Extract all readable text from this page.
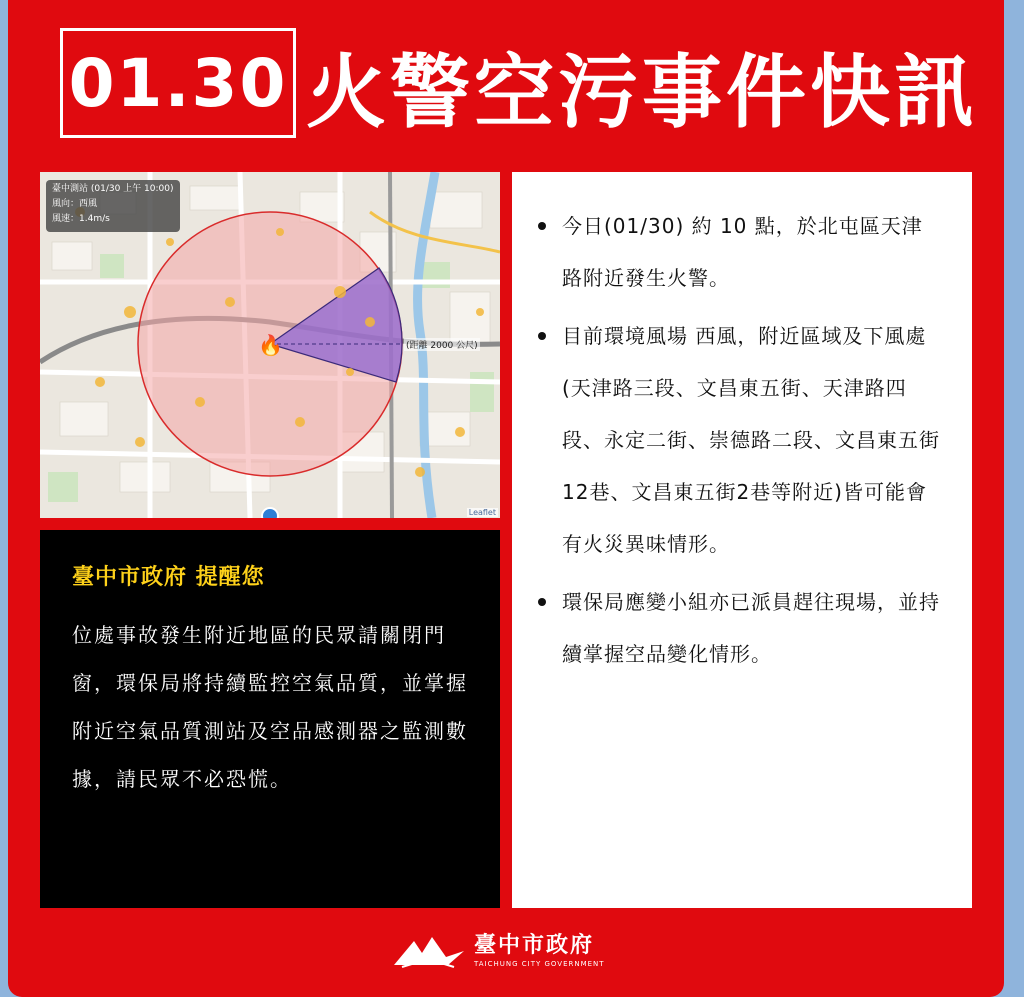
01.30 火警空污事件快訊
臺中測站 (01/30 上午 10:00)
風向：西風
風速：1.4m/s
🔥	(距離 2000 公尺)
Leaflet
臺中市政府 提醒您
位處事故發生附近地區的民眾請關閉門窗，環保局將持續監控空氣品質，並掌握附近空氣品質測站及空品感測器之監測數據，請民眾不必恐慌。
今日(01/30) 約 10 點，於北屯區天津路附近發生火警。
目前環境風場 西風，附近區域及下風處(天津路三段、文昌東五街、天津路四段、永定二街、崇德路二段、文昌東五街12巷、文昌東五街2巷等附近)皆可能會有火災異味情形。
環保局應變小組亦已派員趕往現場，並持續掌握空品變化情形。
臺中市政府
TAICHUNG CITY GOVERNMENT
